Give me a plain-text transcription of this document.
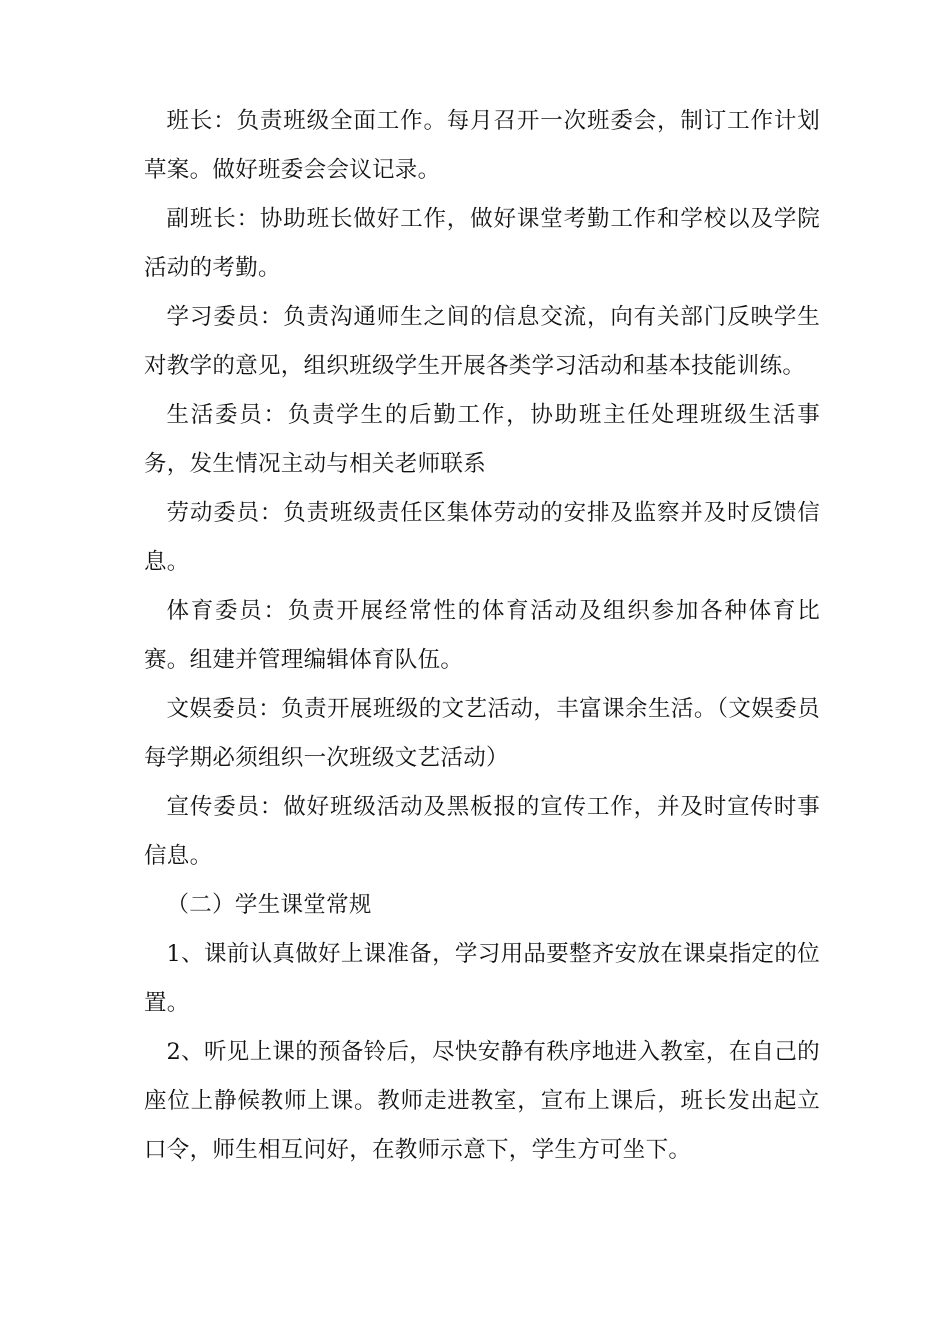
班长：负责班级全面工作。每月召开一次班委会，制订工作计划草案。做好班委会会议记录。

副班长：协助班长做好工作，做好课堂考勤工作和学校以及学院活动的考勤。

学习委员：负责沟通师生之间的信息交流，向有关部门反映学生对教学的意见，组织班级学生开展各类学习活动和基本技能训练。

生活委员：负责学生的后勤工作，协助班主任处理班级生活事务，发生情况主动与相关老师联系

劳动委员：负责班级责任区集体劳动的安排及监察并及时反馈信息。

体育委员：负责开展经常性的体育活动及组织参加各种体育比赛。组建并管理编辑体育队伍。

文娱委员：负责开展班级的文艺活动，丰富课余生活。（文娱委员每学期必须组织一次班级文艺活动）

宣传委员：做好班级活动及黑板报的宣传工作，并及时宣传时事信息。

（二）学生课堂常规

1、课前认真做好上课准备，学习用品要整齐安放在课桌指定的位置。

2、听见上课的预备铃后，尽快安静有秩序地进入教室，在自己的座位上静候教师上课。教师走进教室，宣布上课后，班长发出起立口令，师生相互问好，在教师示意下，学生方可坐下。
